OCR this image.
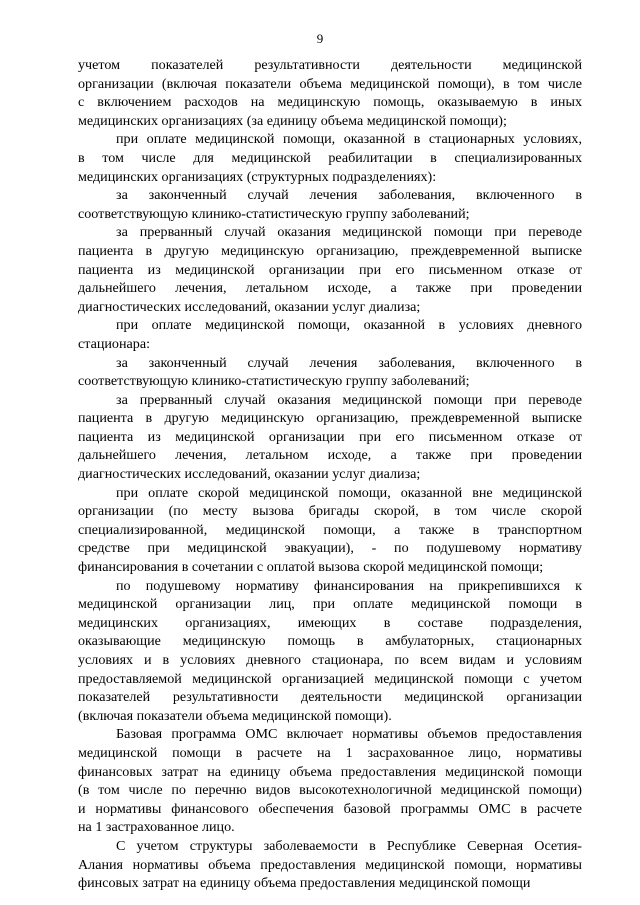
9
учетом показателей результативности деятельности медицинской
организации (включая показатели объема медицинской помощи), в том числе
с включением расходов на медицинскую помощь, оказываемую в иных
медицинских организациях (за единицу объема медицинской помощи);
при оплате медицинской помощи, оказанной в стационарных условиях,
в том числе для медицинской реабилитации в специализированных
медицинских организациях (структурных подразделениях):
за законченный случай лечения заболевания, включенного в
соответствующую клинико-статистическую группу заболеваний;
за прерванный случай оказания медицинской помощи при переводе
пациента в другую медицинскую организацию, преждевременной выписке
пациента из медицинской организации при его письменном отказе от
дальнейшего лечения, летальном исходе, а также при проведении
диагностических исследований, оказании услуг диализа;
при оплате медицинской помощи, оказанной в условиях дневного
стационара:
за законченный случай лечения заболевания, включенного в
соответствующую клинико-статистическую группу заболеваний;
за прерванный случай оказания медицинской помощи при переводе
пациента в другую медицинскую организацию, преждевременной выписке
пациента из медицинской организации при его письменном отказе от
дальнейшего лечения, летальном исходе, а также при проведении
диагностических исследований, оказании услуг диализа;
при оплате скорой медицинской помощи, оказанной вне медицинской
организации (по месту вызова бригады скорой, в том числе скорой
специализированной, медицинской помощи, а также в транспортном
средстве при медицинской эвакуации), - по подушевому нормативу
финансирования в сочетании с оплатой вызова скорой медицинской помощи;
по подушевому нормативу финансирования на прикрепившихся к
медицинской организации лиц, при оплате медицинской помощи в
медицинских организациях, имеющих в составе подразделения,
оказывающие медицинскую помощь в амбулаторных, стационарных
условиях и в условиях дневного стационара, по всем видам и условиям
предоставляемой медицинской организацией медицинской помощи с учетом
показателей результативности деятельности медицинской организации
(включая показатели объема медицинской помощи).
Базовая программа ОМС включает нормативы объемов предоставления
медицинской помощи в расчете на 1 засрахованное лицо, нормативы
финансовых затрат на единицу объема предоставления медицинской помощи
(в том числе по перечню видов высокотехнологичной медицинской помощи)
и нормативы финансового обеспечения базовой программы ОМС в расчете
на 1 застрахованное лицо.
С учетом структуры заболеваемости в Республике Северная Осетия-
Алания нормативы объема предоставления медицинской помощи, нормативы
финсовых затрат на единицу объема предоставления медицинской помощи
